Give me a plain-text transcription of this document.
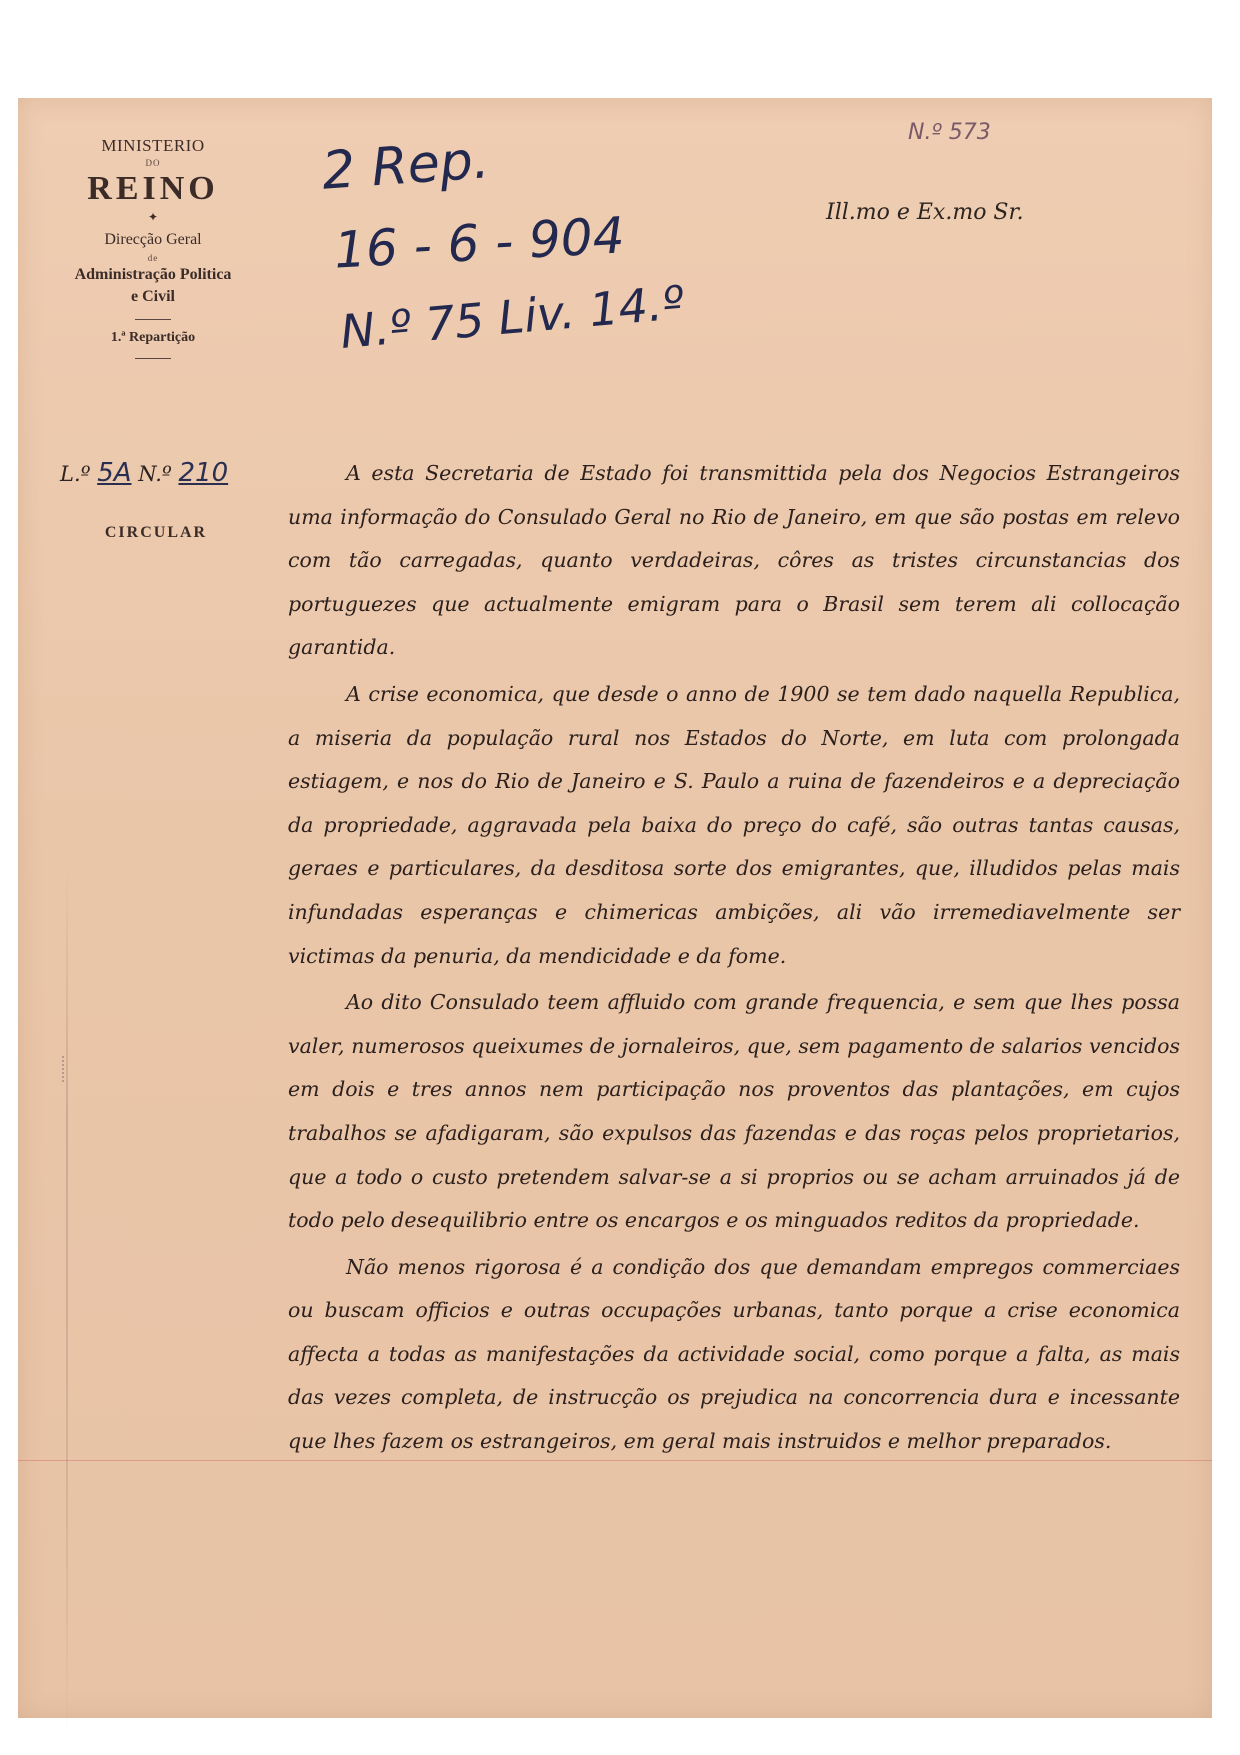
MINISTERIO
DO
REINO
✦
Direcção Geral
de
Administração Politica
e Civil
1.ª Repartição
L.º 5A N.º 210
CIRCULAR
2 Rep.
16 - 6 - 904
N.º 75 Liv. 14.º
N.º 573
Ill.mo e Ex.mo Sr.

A esta Secretaria de Estado foi transmittida pela dos Negocios Estrangeiros uma informação do Consulado Geral no Rio de Janeiro, em que são postas em relevo com tão carregadas, quanto verdadeiras, côres as tristes circunstancias dos portuguezes que actualmente emigram para o Brasil sem terem ali collocação garantida.

A crise economica, que desde o anno de 1900 se tem dado naquella Republica, a miseria da população rural nos Estados do Norte, em luta com prolongada estiagem, e nos do Rio de Janeiro e S. Paulo a ruina de fazendeiros e a depreciação da propriedade, aggravada pela baixa do preço do café, são outras tantas causas, geraes e particulares, da desditosa sorte dos emigrantes, que, illudidos pelas mais infundadas esperanças e chimericas ambições, ali vão irremediavelmente ser victimas da penuria, da mendicidade e da fome.

Ao dito Consulado teem affluido com grande frequencia, e sem que lhes possa valer, numerosos queixumes de jornaleiros, que, sem pagamento de salarios vencidos em dois e tres annos nem participação nos proventos das plantações, em cujos trabalhos se afadigaram, são expulsos das fazendas e das roças pelos proprietarios, que a todo o custo pretendem salvar-se a si proprios ou se acham arruinados já de todo pelo desequilibrio entre os encargos e os minguados reditos da propriedade.

Não menos rigorosa é a condição dos que demandam empregos commerciaes ou buscam officios e outras occupações urbanas, tanto porque a crise economica affecta a todas as manifestações da actividade social, como porque a falta, as mais das vezes completa, de instrucção os prejudica na concorrencia dura e incessante que lhes fazem os estrangeiros, em geral mais instruidos e melhor preparados.
